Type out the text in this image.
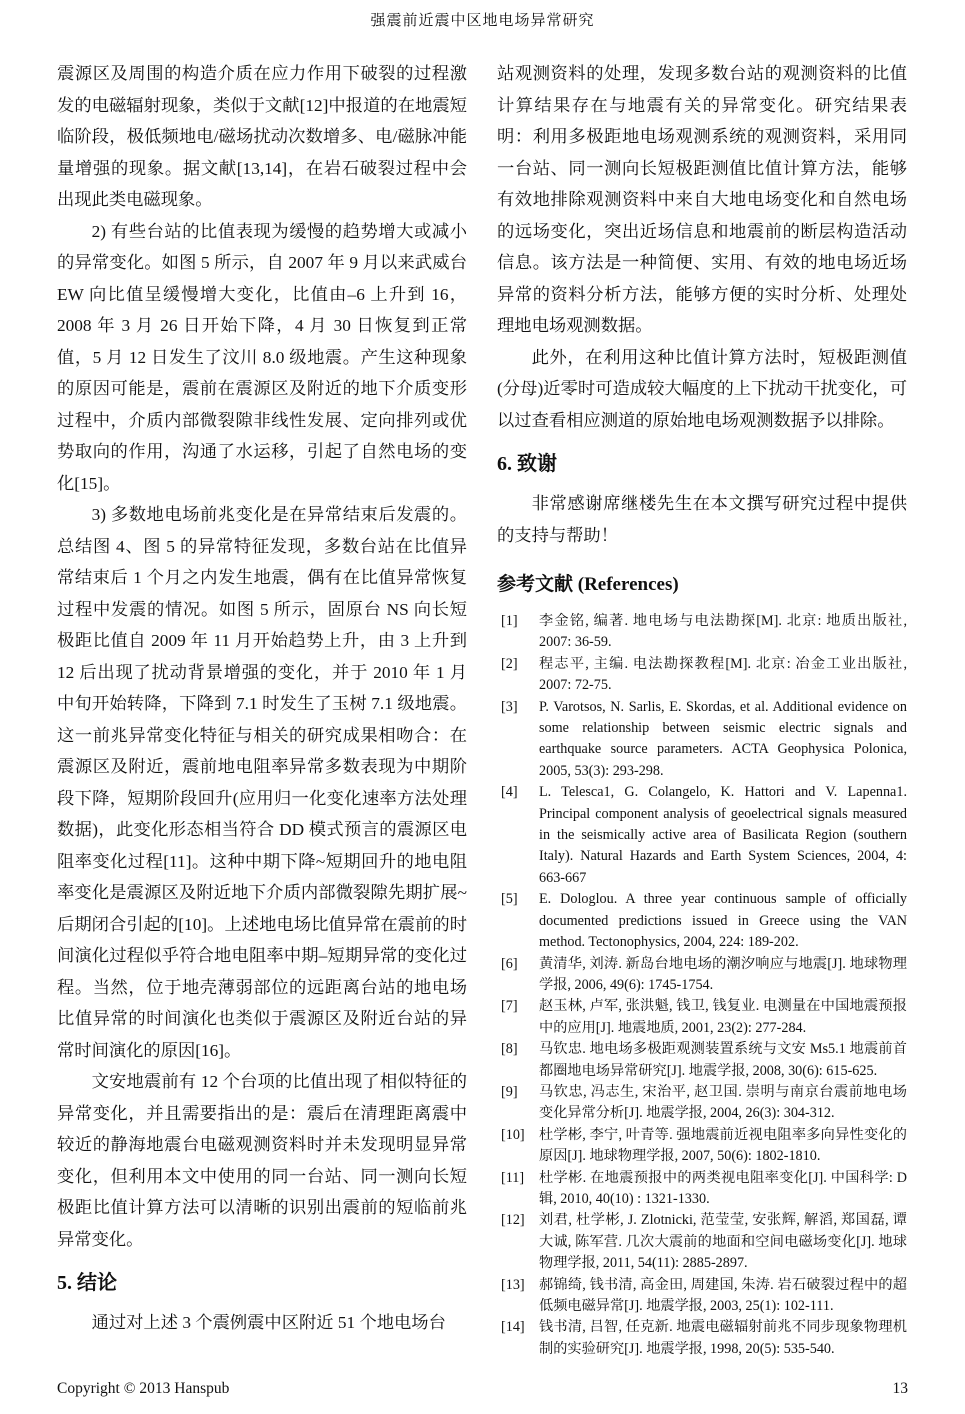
强震前近震中区地电场异常研究

震源区及周围的构造介质在应力作用下破裂的过程激发的电磁辐射现象，类似于文献[12]中报道的在地震短临阶段，极低频地电/磁场扰动次数增多、电/磁脉冲能量增强的现象。据文献[13,14]，在岩石破裂过程中会出现此类电磁现象。

2) 有些台站的比值表现为缓慢的趋势增大或减小的异常变化。如图 5 所示，自 2007 年 9 月以来武威台 EW 向比值呈缓慢增大变化，比值由–6 上升到 16，2008 年 3 月 26 日开始下降，4 月 30 日恢复到正常值，5 月 12 日发生了汶川 8.0 级地震。产生这种现象的原因可能是，震前在震源区及附近的地下介质变形过程中，介质内部微裂隙非线性发展、定向排列或优势取向的作用，沟通了水运移，引起了自然电场的变化[15]。

3) 多数地电场前兆变化是在异常结束后发震的。总结图 4、图 5 的异常特征发现，多数台站在比值异常结束后 1 个月之内发生地震，偶有在比值异常恢复过程中发震的情况。如图 5 所示，固原台 NS 向长短极距比值自 2009 年 11 月开始趋势上升，由 3 上升到 12 后出现了扰动背景增强的变化，并于 2010 年 1 月中旬开始转降，下降到 7.1 时发生了玉树 7.1 级地震。这一前兆异常变化特征与相关的研究成果相吻合：在震源区及附近，震前地电阻率异常多数表现为中期阶段下降，短期阶段回升(应用归一化变化速率方法处理数据)，此变化形态相当符合 DD 模式预言的震源区电阻率变化过程[11]。这种中期下降~短期回升的地电阻率变化是震源区及附近地下介质内部微裂隙先期扩展~后期闭合引起的[10]。上述地电场比值异常在震前的时间演化过程似乎符合地电阻率中期–短期异常的变化过程。当然，位于地壳薄弱部位的远距离台站的地电场比值异常的时间演化也类似于震源区及附近台站的异常时间演化的原因[16]。

文安地震前有 12 个台项的比值出现了相似特征的异常变化，并且需要指出的是：震后在清理距离震中较近的静海地震台电磁观测资料时并未发现明显异常变化，但利用本文中使用的同一台站、同一测向长短极距比值计算方法可以清晰的识别出震前的短临前兆异常变化。

5. 结论

通过对上述 3 个震例震中区附近 51 个地电场台

站观测资料的处理，发现多数台站的观测资料的比值计算结果存在与地震有关的异常变化。研究结果表明：利用多极距地电场观测系统的观测资料，采用同一台站、同一测向长短极距测值比值计算方法，能够有效地排除观测资料中来自大地电场变化和自然电场的远场变化，突出近场信息和地震前的断层构造活动信息。该方法是一种简便、实用、有效的地电场近场异常的资料分析方法，能够方便的实时分析、处理处理地电场观测数据。

此外，在利用这种比值计算方法时，短极距测值(分母)近零时可造成较大幅度的上下扰动干扰变化，可以过查看相应测道的原始地电场观测数据予以排除。

6. 致谢

非常感谢席继楼先生在本文撰写研究过程中提供的支持与帮助！

参考文献 (References)
[1] 李金铭, 编著. 地电场与电法勘探[M]. 北京: 地质出版社, 2007: 36-59.
[2] 程志平, 主编. 电法勘探教程[M]. 北京: 冶金工业出版社, 2007: 72-75.
[3] P. Varotsos, N. Sarlis, E. Skordas, et al. Additional evidence on some relationship between seismic electric signals and earthquake source parameters. ACTA Geophysica Polonica, 2005, 53(3): 293-298.
[4] L. Telesca1, G. Colangelo, K. Hattori and V. Lapenna1. Principal component analysis of geoelectrical signals measured in the seismically active area of Basilicata Region (southern Italy). Natural Hazards and Earth System Sciences, 2004, 4: 663-667
[5] E. Dologlou. A three year continuous sample of officially documented predictions issued in Greece using the VAN method. Tectonophysics, 2004, 224: 189-202.
[6] 黄清华, 刘涛. 新岛台地电场的潮汐响应与地震[J]. 地球物理学报, 2006, 49(6): 1745-1754.
[7] 赵玉林, 卢军, 张洪魁, 钱卫, 钱复业. 电测量在中国地震预报中的应用[J]. 地震地质, 2001, 23(2): 277-284.
[8] 马钦忠. 地电场多极距观测装置系统与文安 Ms5.1 地震前首都圈地电场异常研究[J]. 地震学报, 2008, 30(6): 615-625.
[9] 马钦忠, 冯志生, 宋治平, 赵卫国. 崇明与南京台震前地电场变化异常分析[J]. 地震学报, 2004, 26(3): 304-312.
[10] 杜学彬, 李宁, 叶青等. 强地震前近视电阻率多向异性变化的原因[J]. 地球物理学报, 2007, 50(6): 1802-1810.
[11] 杜学彬. 在地震预报中的两类视电阻率变化[J]. 中国科学: D辑, 2010, 40(10) : 1321-1330.
[12] 刘君, 杜学彬, J. Zlotnicki, 范莹莹, 安张辉, 解滔, 郑国磊, 谭大诚, 陈军营. 几次大震前的地面和空间电磁场变化[J]. 地球物理学报, 2011, 54(11): 2885-2897.
[13] 郝锦绮, 钱书清, 高金田, 周建国, 朱涛. 岩石破裂过程中的超低频电磁异常[J]. 地震学报, 2003, 25(1): 102-111.
[14] 钱书清, 吕智, 任克新. 地震电磁辐射前兆不同步现象物理机制的实验研究[J]. 地震学报, 1998, 20(5): 535-540.
Copyright © 2013 Hanspub	13
